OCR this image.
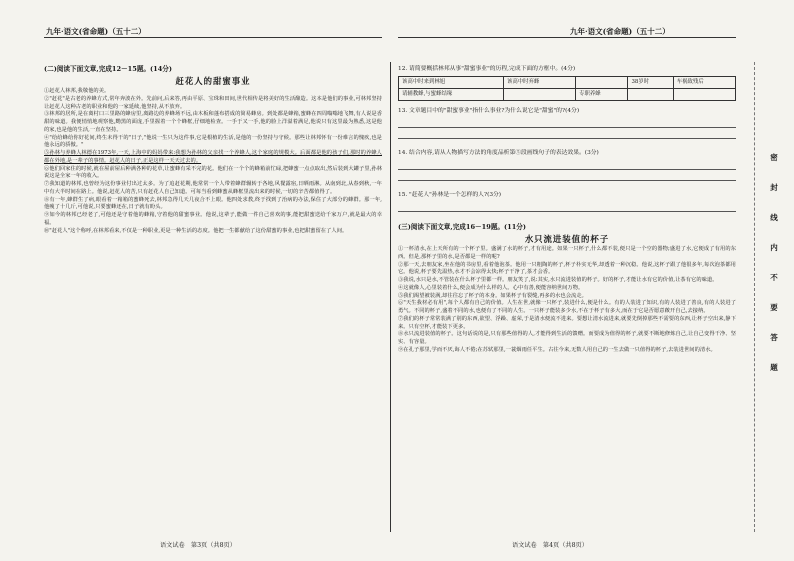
九年·语文(省命题)（五十二）	九年·语文(省命题)（五十二）
(二)阅读下面文章,完成12－15题。(14分)
赶花人的甜蜜事业
①赶花人林邦,我敬他的美。
②"赶花"是古老的养蜂方式,常年奔波在外。先前问,后来答,再由平原、宝珠和田间,世代相传是将美好的生活酿造。这本是他们的事业,可林邦坚持让赶花人这种古老的职业和他的一家延续,他坚持,从不放弃。
③林邦的居所,是在离村口三里路的蜂房里,离路边的养蜂场不远,由木板和蓬布搭成的简易蜂房。到处都是蜂箱,蜜蜂在四周嗡嗡地飞舞,有人说是香甜的味道。我便悄悄地观察他,黝黑的面庞,手里握着一个个蜂框,仔细地检查。一手于又一手,他的脸上洋溢着满足,他说只有这里最为熟悉,这是他的家,也是他的生活,一直在坚持。
④"给给蜂给你好花间,终生未得干的"日子,"他说一生只为这件事,它是根植的生活,是他的一份坚持与守候。那些让林邦怀有一份难言的愧疚,也是他永远的骄傲。"
⑤孙林与养蜂人林德在1973年,一天,上海中的妈妈带来:我想为孙林的父亲找一个养蜂人,这个家庭的规模大。后面都是他的孩子们,那时的养蜂人都在外地,是一辈子的事情。赶花人的日子,正是这样一天天过去的。
⑥他们回家住的时候,就在屋前屋后种满各种的花草,让蜜蜂有采不完的花。他们在一个个的蜂箱前忙碌,把蜂蜜一点点取出,然后装到大罐子里,孙林说这是全家一年的收入。
⑦我知道的林邦,也曾经为这份事业付出过太多。为了追赶花期,他常常一个人带着蜂群辗转于各地,风餐露宿,日晒雨淋。从南到北,从春到秋,一年中有大半时间在路上。他说,赶花人的苦,只有赶花人自己知道。可每当看到蜂蜜从蜂框里流出来的时候,一切的辛苦都值得了。
⑧有一年,蜂群生了病,眼看着一箱箱的蜜蜂死去,林邦急得几天几夜合不上眼。他四处求教,终于找到了治病的办法,保住了大部分的蜂群。那一年,他瘦了十几斤,可他说,只要蜜蜂还在,日子就有盼头。
⑨如今的林邦已经老了,可他还是守着他的蜂箱,守着他的甜蜜事业。他说,这辈子,能做一件自己喜欢的事,能把甜蜜送给千家万户,就是最大的幸福。
⑩"赶花人"这个称呼,在林邦看来,不仅是一种职业,更是一种生活的态度。他把一生都献给了这份甜蜜的事业,也把甜蜜留在了人间。
12. 请简要概括林邦从事"甜蜜事业"的历程,完成下面的方框中。(4分)
该高中时来到林旭	该高中时弃蜂		38岁时	车祸致残后
请辅教蜂,与蜜蜂结缘		专职养蜂		
13. 文章题目中的"甜蜜事业"指什么事业?为什么说它是"甜蜜"的?(4分)
14. 结合内容,请从人物描写方法的角度品析第⑤段画线句子的表达效果。(3分)
15. "赶花人"孙林是一个怎样的人?(3分)
(三)阅读下面文章,完成16－19题。(11分)
水只流进装值的杯子
①一杯清水,在上天所有的一个杯子里。盛满了水的杯子,才有用途。如果一只杯子,什么都不装,便只是一个空的器物;盛进了水,它便成了有用的东西。但是,那杯子里的水,是否都是一样的呢?
②那一天,去朋友家,坐在他的书房里,看着他泡茶。他用一只粗陶的杯子,杯子朴实无华,却透着一种沉稳。他说,这杯子跟了他很多年,每次泡茶都用它。他说,杯子要先温热,水才不会凉得太快;杯子干净了,茶才会香。
③我说,水只是水,不管装在什么杯子里都一样。朋友笑了,说:其实,水只流进装值的杯子。好的杯子,才能让水有它的价值,让茶有它的味道。
④这就像人,心里装着什么,便会成为什么样的人。心中有善,便能容纳世间万物。
⑤我们渴望被装满,却往往忘了杯子的本身。如果杯子有裂缝,再多的水也会流走。
⑥"天生我材必有用",每个人都有自己的价值。人生在世,就像一只杯子,装进什么,便是什么。有的人装进了知识,有的人装进了善良,有的人装进了勇气。不同的杯子,盛着不同的水,也便有了不同的人生。一只杯子能装多少水,不在于杯子有多大,而在于它是否愿意敞开自己,去接纳。
⑦我们的杯子常常装满了别的东西,欲望、浮躁、虚荣,于是清水便流不进来。要想让清水流进来,就要先倒掉那些不需要的东西,让杯子空出来,静下来。只有空杯,才能装下更多。
⑧水只流进装值的杯子。这句话说的是,只有那些值得的人,才能得到生活的馈赠。而要成为值得的杯子,就要不断地修炼自己,让自己变得干净、坚实、有容量。
⑨在孔子那里,学而不厌,诲人不倦;在苏轼那里,一蓑烟雨任平生。古往今来,无数人用自己的一生去做一只值得的杯子,去装进世间的清水。
语文试卷　第3页（共8页）	语文试卷　第4页（共8页）
密
封
线
内
不
要
答
题
